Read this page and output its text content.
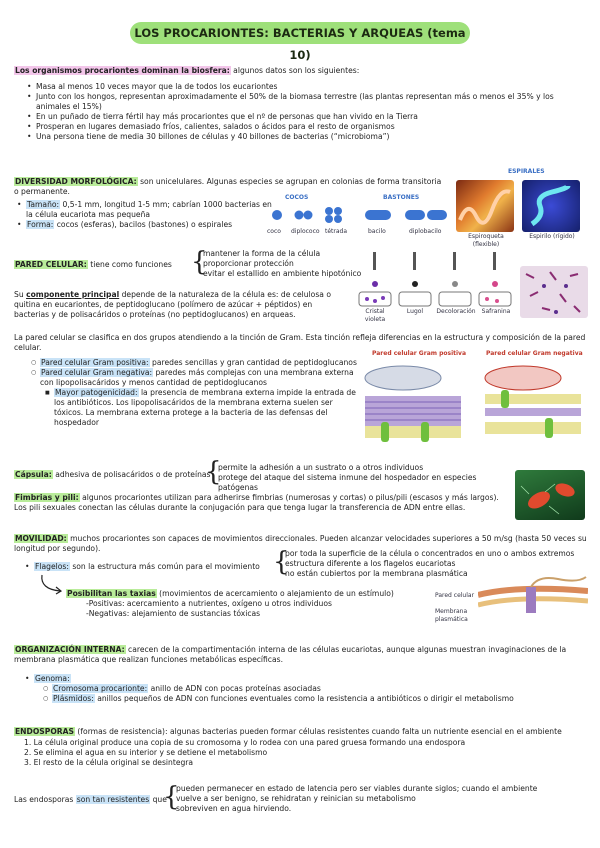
LOS PROCARIONTES: BACTERIAS Y ARQUEAS (tema 10)
Los organismos procariontes dominan la biosfera: algunos datos son los siguientes:
• Masa al menos 10 veces mayor que la de todos los eucariontes
• Junto con los hongos, representan aproximadamente el 50% de la biomasa terrestre (las plantas representan más o menos el 35% y los animales el 15%)
• En un puñado de tierra fértil hay más procariontes que el nº de personas que han vivido en la Tierra
• Prosperan en lugares demasiado fríos, calientes, salados o ácidos para el resto de organismos
• Una persona tiene de media 30 billones de células y 40 billones de bacterias (“microbioma”)
DIVERSIDAD MORFOLÓGICA: son unicelulares. Algunas especies se agrupan en colonias de forma transitoria o permanente.
• Tamaño: 0,5-1 mm, longitud 1-5 mm; cabrían 1000 bacterias en la célula eucariota mas pequeña
• Forma: cocos (esferas), bacilos (bastones) o espirales
COCOS	BASTONES
coco diplococo tétrada	bacilo	diplobacilo
ESPIRALES
Espiroqueta (flexible)
Espirilo (rígido)
PARED CELULAR: tiene como funciones {
mantener la forma de la célula
proporcionar protección
evitar el estallido en ambiente hipotónico
Su componente principal depende de la naturaleza de la célula es: de celulosa o quitina en eucariontes, de peptidoglucano (polímero de azúcar + péptidos) en bacterias y de polisacáridos o proteínas (no peptidoglucanos) en arqueas.	Cristal violeta
Lugol	Decoloración	Safranina
La pared celular se clasifica en dos grupos atendiendo a la tinción de Gram. Esta tinción refleja diferencias en la estructura y composición de la pared celular.
○ Pared celular Gram positiva: paredes sencillas y gran cantidad de peptidoglucanos
○ Pared celular Gram negativa: paredes más complejas con una membrana externa con lipopolisacáridos y menos cantidad de peptidoglucanos
■ Mayor patogenicidad: la presencia de membrana externa impide la entrada de los antibióticos. Los lipopolisacáridos de la membrana externa suelen ser tóxicos. La membrana externa protege a la bacteria de las defensas del hospedador
Pared celular Gram positiva	Pared celular Gram negativa
Cápsula: adhesiva de polisacáridos o de proteínas
{
permite la adhesión a un sustrato o a otros individuos
protege del ataque del sistema inmune del hospedador en especies patógenas
Fimbrias y pili: algunos procariontes utilizan para adherirse fimbrias (numerosas y cortas) o pilus/pili (escasos y más largos). Los pili sexuales conectan las células durante la conjugación para que tenga lugar la transferencia de ADN entre ellas.
MOVILIDAD: muchos procariontes son capaces de movimientos direccionales. Pueden alcanzar velocidades superiores a 50 m/sg (hasta 50 veces su longitud por segundo).
• Flagelos: son la estructura más común para el movimiento {
por toda la superficie de la célula o concentrados en uno o ambos extremos
estructura diferente a los flagelos eucariotas
no están cubiertos por la membrana plasmática
Posibilitan las taxias (movimientos de acercamiento o alejamiento de un estímulo)
-Positivas: acercamiento a nutrientes, oxígeno u otros individuos
-Negativas: alejamiento de sustancias tóxicas
Pared celular
Membrana plasmática
ORGANIZACIÓN INTERNA: carecen de la compartimentación interna de las células eucariotas, aunque algunas muestran invaginaciones de la membrana plasmática que realizan funciones metabólicas específicas.
• Genoma:
○ Cromosoma procarionte: anillo de ADN con pocas proteínas asociadas
○ Plásmidos: anillos pequeños de ADN con funciones eventuales como la resistencia a antibióticos o dirigir el metabolismo
ENDOSPORAS (formas de resistencia): algunas bacterias pueden formar células resistentes cuando falta un nutriente esencial en el ambiente
1. La célula original produce una copia de su cromosoma y lo rodea con una pared gruesa formando una endospora
2. Se elimina el agua en su interior y se detiene el metabolismo
3. El resto de la célula original se desintegra
Las endosporas son tan resistentes que
{
pueden permanecer en estado de latencia pero ser viables durante siglos; cuando el ambiente
vuelve a ser benigno, se rehidratan y reinician su metabolismo
sobreviven en agua hirviendo.
